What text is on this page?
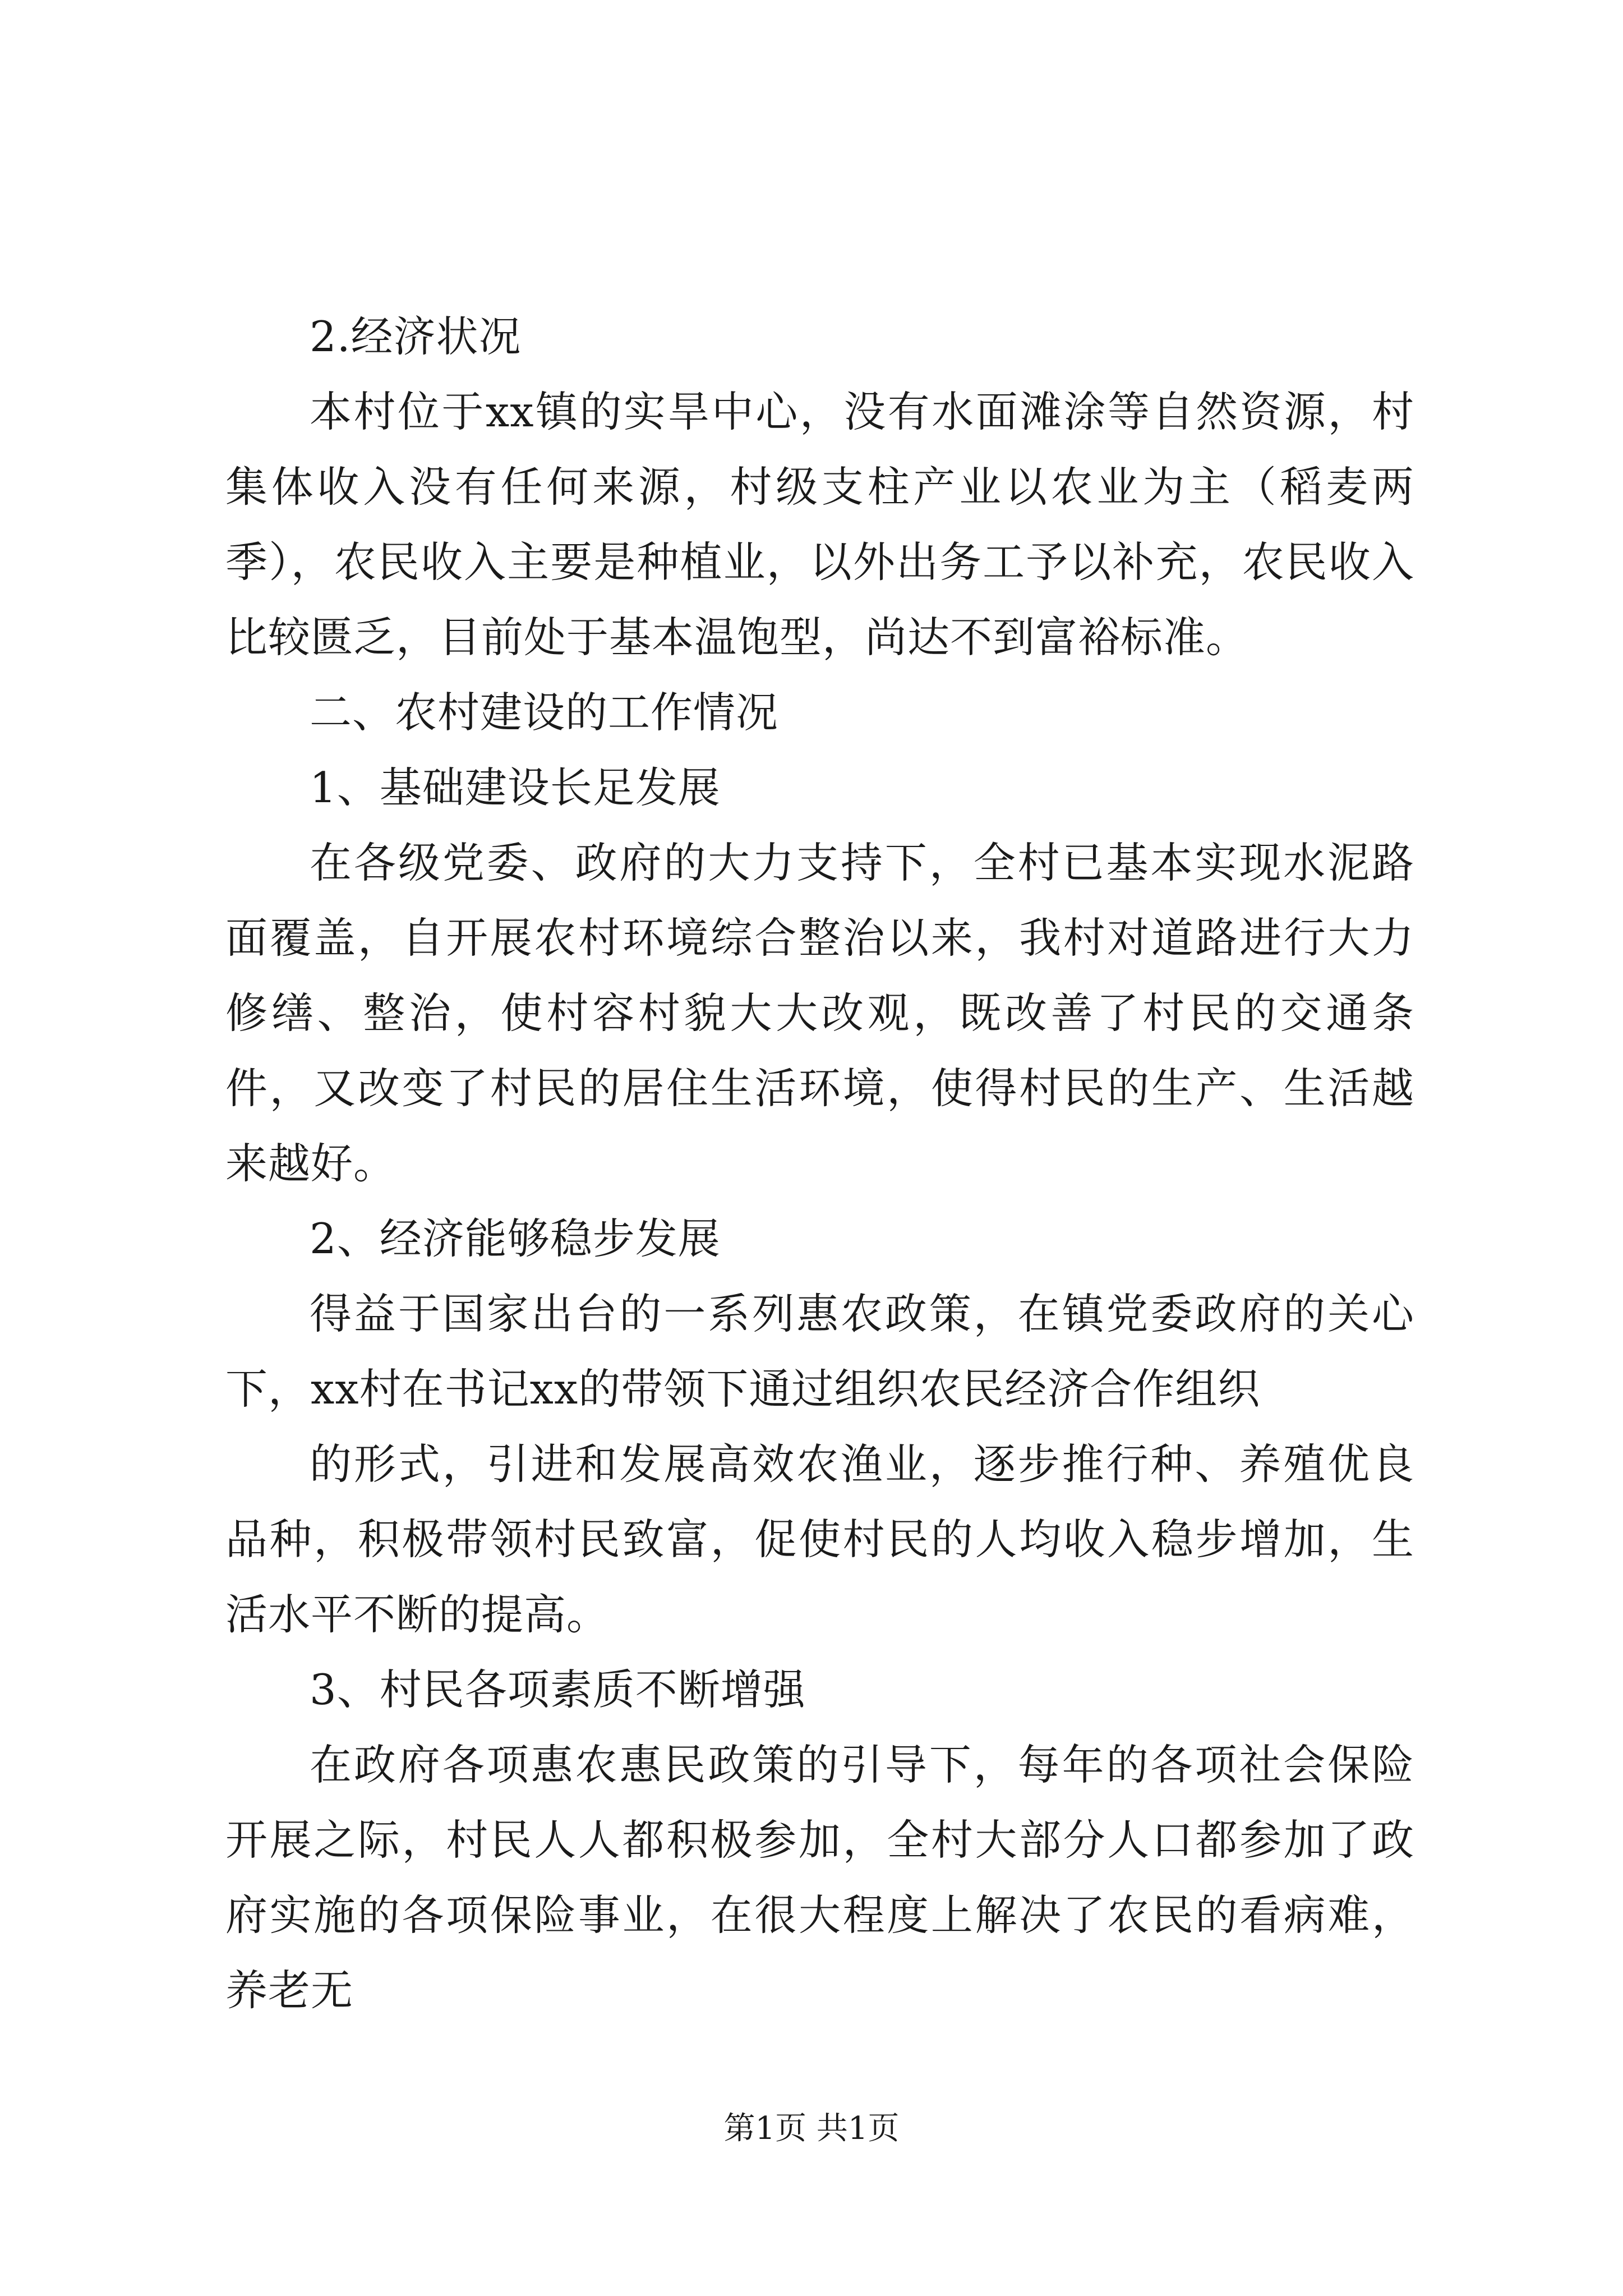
2.经济状况

本村位于xx镇的实旱中心，没有水面滩涂等自然资源，村集体收入没有任何来源，村级支柱产业以农业为主（稻麦两季），农民收入主要是种植业，以外出务工予以补充，农民收入比较匮乏，目前处于基本温饱型，尚达不到富裕标准。

二、农村建设的工作情况

1、基础建设长足发展

在各级党委、政府的大力支持下，全村已基本实现水泥路面覆盖，自开展农村环境综合整治以来，我村对道路进行大力修缮、整治，使村容村貌大大改观，既改善了村民的交通条件，又改变了村民的居住生活环境，使得村民的生产、生活越来越好。

2、经济能够稳步发展

得益于国家出台的一系列惠农政策，在镇党委政府的关心下，xx村在书记xx的带领下通过组织农民经济合作组织

的形式，引进和发展高效农渔业，逐步推行种、养殖优良品种，积极带领村民致富，促使村民的人均收入稳步增加，生活水平不断的提高。

3、村民各项素质不断增强

在政府各项惠农惠民政策的引导下，每年的各项社会保险开展之际，村民人人都积极参加，全村大部分人口都参加了政府实施的各项保险事业，在很大程度上解决了农民的看病难，养老无

第1页 共1页
